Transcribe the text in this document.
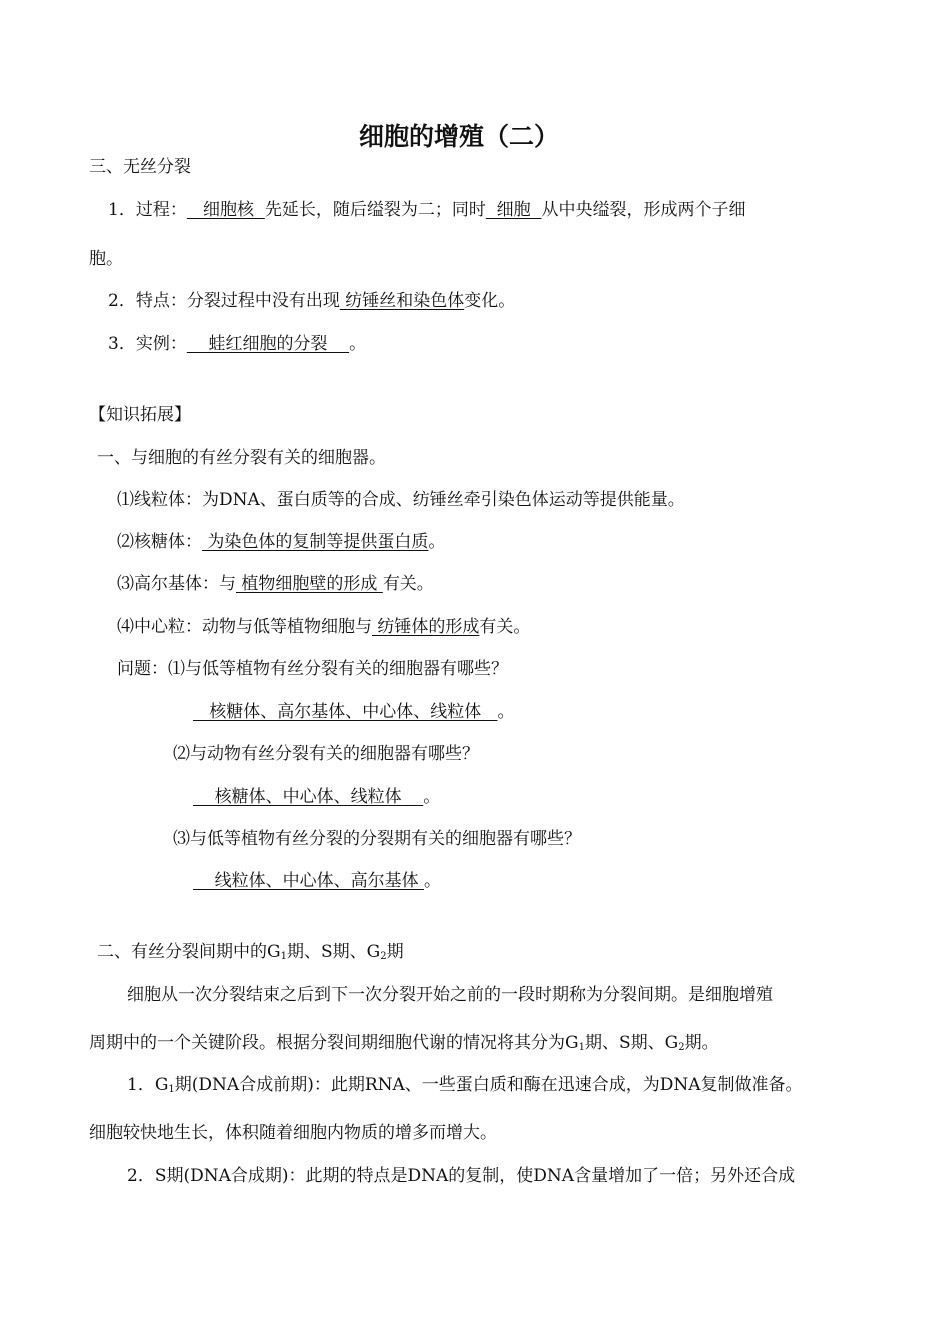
细胞的增殖（二）
三、无丝分裂
1．过程：   细胞核  先延长，随后缢裂为二；同时  细胞  从中央缢裂，形成两个子细
胞。
2．特点：分裂过程中没有出现 纺锤丝和染色体变化。
3．实例：    蛙红细胞的分裂    。
【知识拓展】
一、与细胞的有丝分裂有关的细胞器。
⑴线粒体：为DNA、蛋白质等的合成、纺锤丝牵引染色体运动等提供能量。
⑵核糖体： 为染色体的复制等提供蛋白质。
⑶高尔基体：与 植物细胞壁的形成 有关。
⑷中心粒：动物与低等植物细胞与 纺锤体的形成有关。
问题：⑴与低等植物有丝分裂有关的细胞器有哪些？
核糖体、高尔基体、中心体、线粒体   。
⑵与动物有丝分裂有关的细胞器有哪些？
核糖体、中心体、线粒体    。
⑶与低等植物有丝分裂的分裂期有关的细胞器有哪些？
线粒体、中心体、高尔基体 。
二、有丝分裂间期中的$G_1$期、S期、$G_2$期
细胞从一次分裂结束之后到下一次分裂开始之前的一段时期称为分裂间期。是细胞增殖
周期中的一个关键阶段。根据分裂间期细胞代谢的情况将其分为$G_1$期、S期、$G_2$期。
1．$G_1$期(DNA合成前期)：此期RNA、一些蛋白质和酶在迅速合成，为DNA复制做准备。
细胞较快地生长，体积随着细胞内物质的增多而增大。
2．S期(DNA合成期)：此期的特点是DNA的复制，使DNA含量增加了一倍；另外还合成
